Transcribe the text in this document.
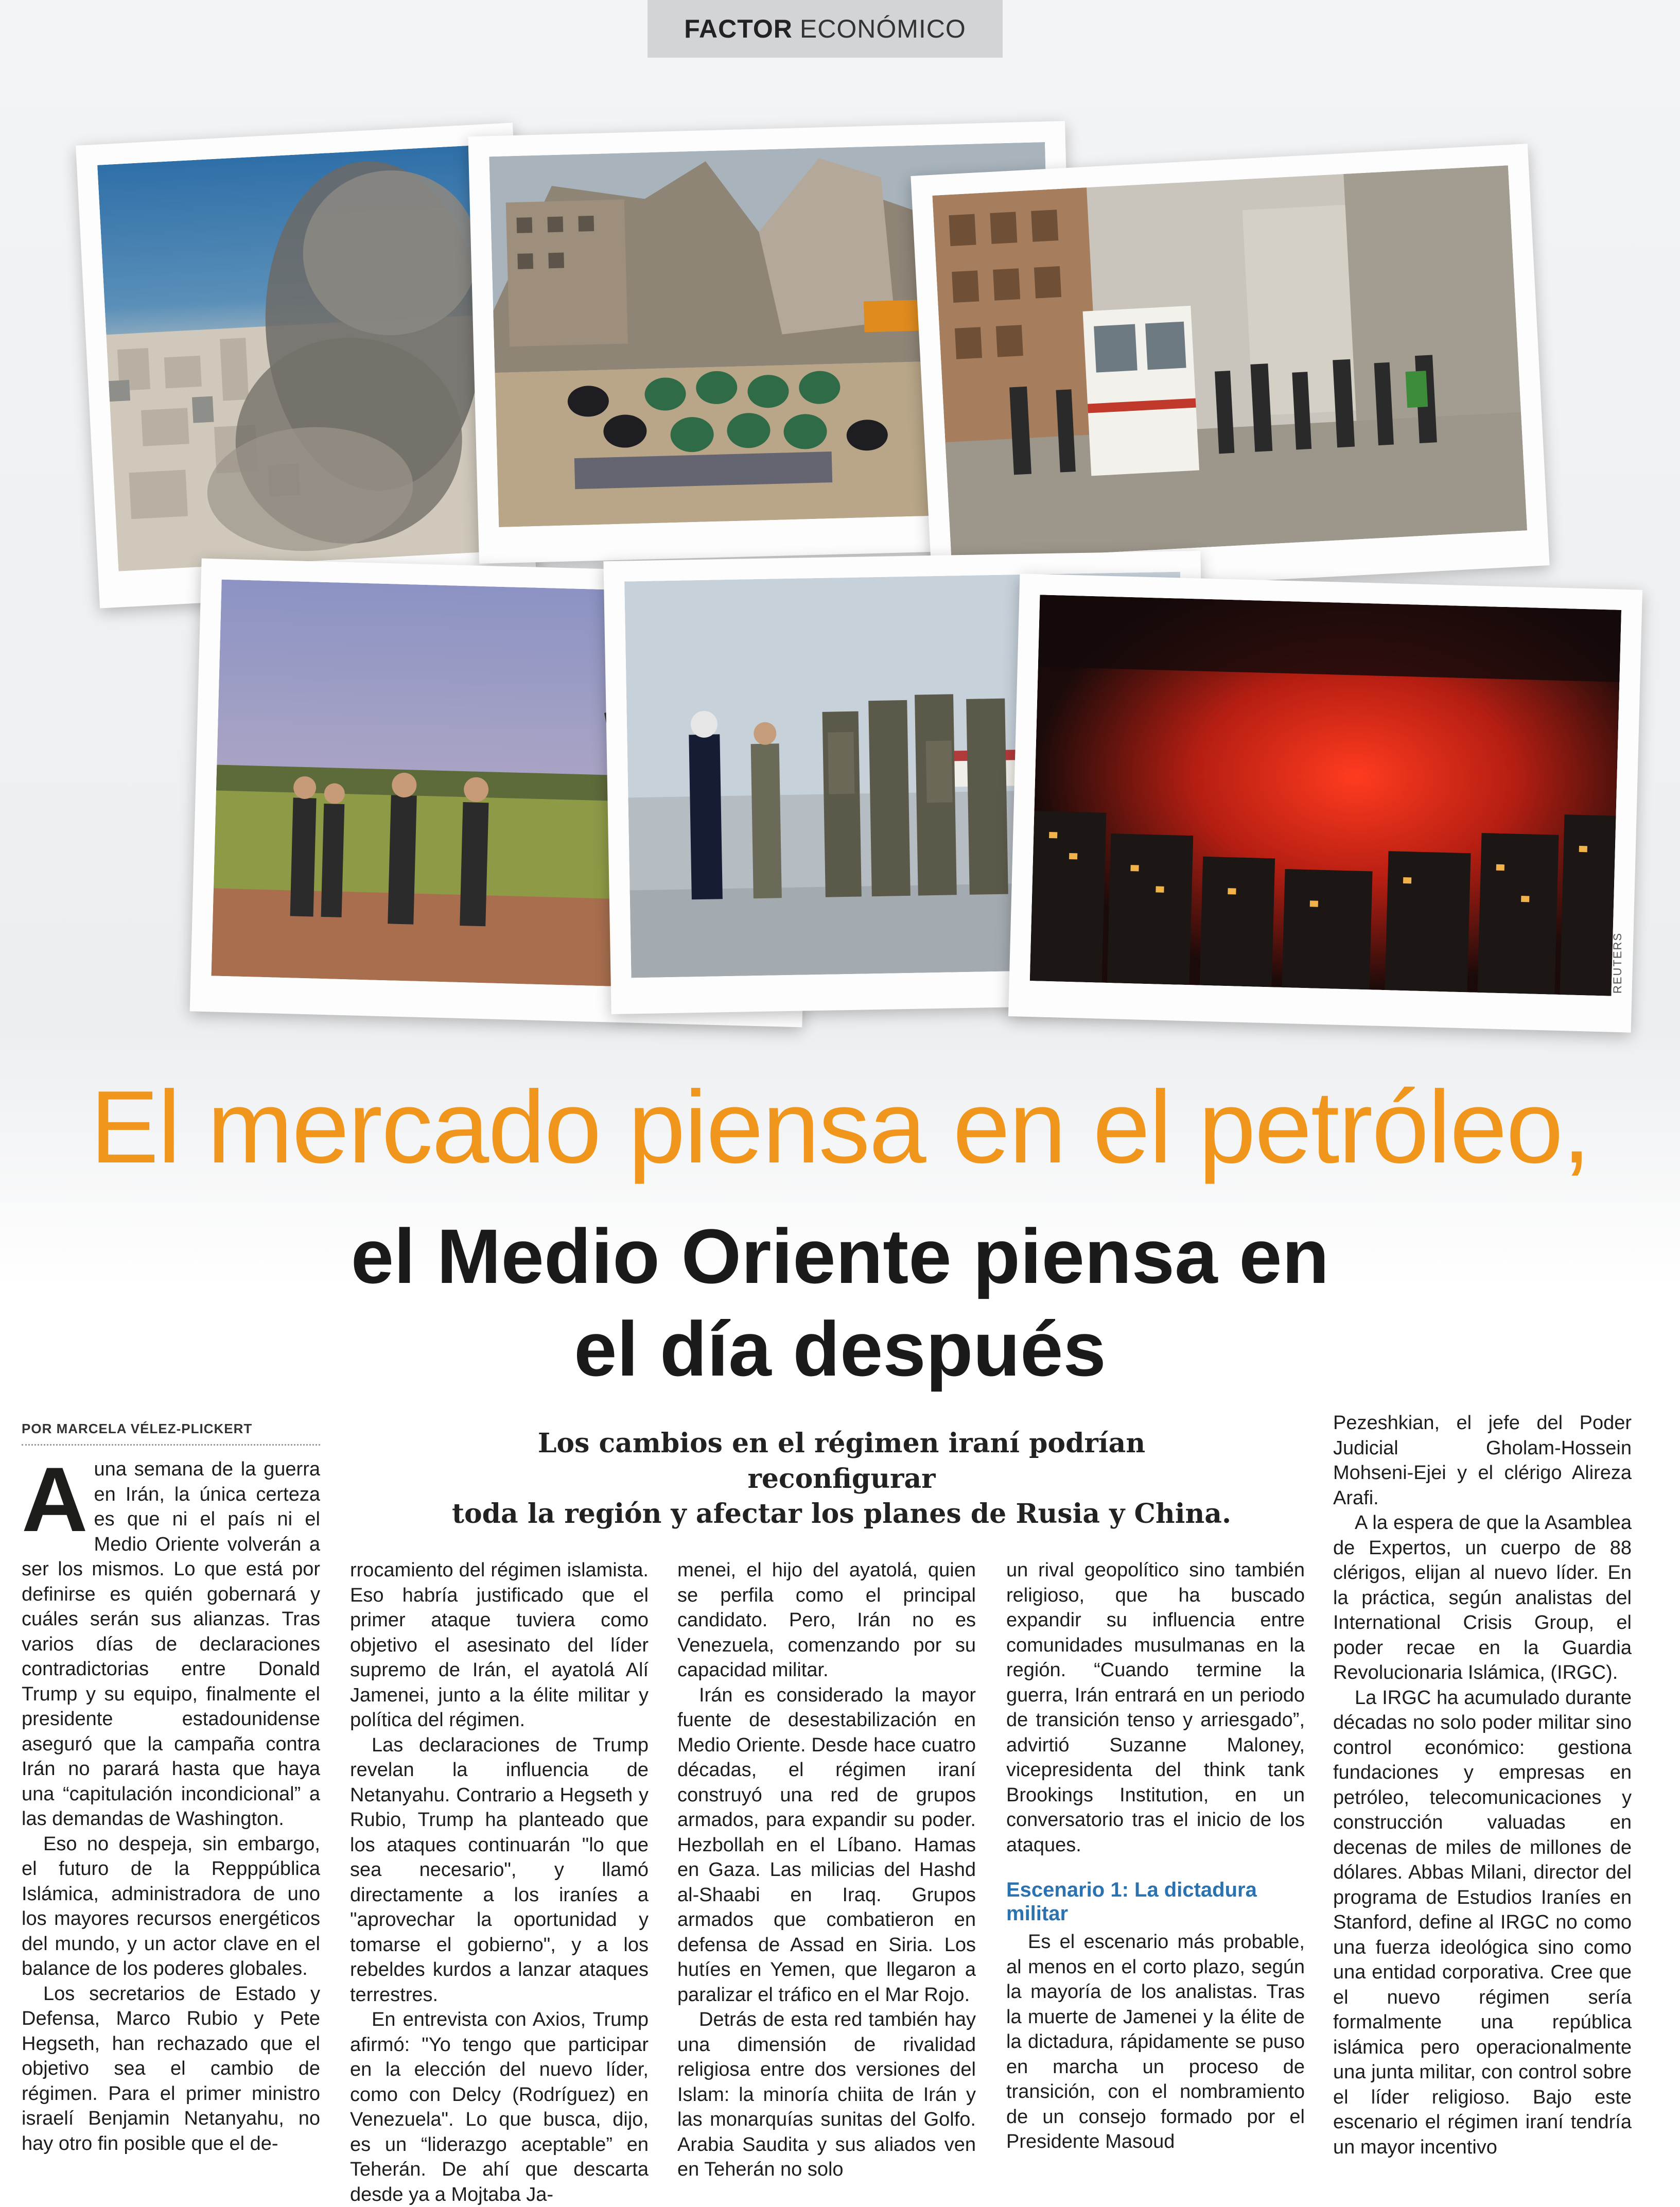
FACTOR ECONÓMICO
REUTERS
El mercado piensa en el petróleo,
el Medio Oriente piensa en
el día después
POR MARCELA VÉLEZ-PLICKERT	Los cambios en el régimen iraní podrían reconfigurar
toda la región y afectar los planes de Rusia y China.

Auna semana de la guerra en Irán, la única certeza es que ni el país ni el Medio Oriente volverán a ser los mismos. Lo que está por definirse es quién gobernará y cuáles serán sus alianzas. Tras varios días de declaraciones contradictorias entre Donald Trump y su equipo, finalmente el presidente estadounidense aseguró que la campaña contra Irán no parará hasta que haya una “capitulación incondicional” a las demandas de Washington.

Eso no despeja, sin embargo, el futuro de la Repppública Islámica, administradora de uno los mayores recursos energéticos del mundo, y un actor clave en el balance de los poderes globales.

Los secretarios de Estado y Defensa, Marco Rubio y Pete Hegseth, han rechazado que el objetivo sea el cambio de régimen. Para el primer ministro israelí Benjamin Netanyahu, no hay otro fin posible que el de-

rrocamiento del régimen islamista. Eso habría justificado que el primer ataque tuviera como objetivo el asesinato del líder supremo de Irán, el ayatolá Alí Jamenei, junto a la élite militar y política del régimen.

Las declaraciones de Trump revelan la influencia de Netanyahu. Contrario a Hegseth y Rubio, Trump ha planteado que los ataques continuarán "lo que sea necesario", y llamó directamente a los iraníes a "aprovechar la oportunidad y tomarse el gobierno", y a los rebeldes kurdos a lanzar ataques terrestres.

En entrevista con Axios, Trump afirmó: "Yo tengo que participar en la elección del nuevo líder, como con Delcy (Rodríguez) en Venezuela". Lo que busca, dijo, es un “liderazgo aceptable” en Teherán. De ahí que descarta desde ya a Mojtaba Ja-

menei, el hijo del ayatolá, quien se perfila como el principal candidato. Pero, Irán no es Venezuela, comenzando por su capacidad militar.

Irán es considerado la mayor fuente de desestabilización en Medio Oriente. Desde hace cuatro décadas, el régimen iraní construyó una red de grupos armados, para expandir su poder. Hezbollah en el Líbano. Hamas en Gaza. Las milicias del Hashd al-Shaabi en Iraq. Grupos armados que combatieron en defensa de Assad en Siria. Los hutíes en Yemen, que llegaron a paralizar el tráfico en el Mar Rojo.

Detrás de esta red también hay una dimensión de rivalidad religiosa entre dos versiones del Islam: la minoría chiita de Irán y las monarquías sunitas del Golfo. Arabia Saudita y sus aliados ven en Teherán no solo

un rival geopolítico sino también religioso, que ha buscado expandir su influencia entre comunidades musulmanas en la región. “Cuando termine la guerra, Irán entrará en un periodo de transición tenso y arriesgado”, advirtió Suzanne Maloney, vicepresidenta del think tank Brookings Institution, en un conversatorio tras el inicio de los ataques.

Escenario 1: La dictadura militar

Es el escenario más probable, al menos en el corto plazo, según la mayoría de los analistas. Tras la muerte de Jamenei y la élite de la dictadura, rápidamente se puso en marcha un proceso de transición, con el nombramiento de un consejo formado por el Presidente Masoud

Pezeshkian, el jefe del Poder Judicial Gholam-Hossein Mohseni-Ejei y el clérigo Alireza Arafi.

A la espera de que la Asamblea de Expertos, un cuerpo de 88 clérigos, elijan al nuevo líder. En la práctica, según analistas del International Crisis Group, el poder recae en la Guardia Revolucionaria Islámica, (IRGC).

La IRGC ha acumulado durante décadas no solo poder militar sino control económico: gestiona fundaciones y empresas en petróleo, telecomunicaciones y construcción valuadas en decenas de miles de millones de dólares. Abbas Milani, director del programa de Estudios Iraníes en Stanford, define al IRGC no como una fuerza ideológica sino como una entidad corporativa. Cree que el nuevo régimen sería formalmente una república islámica pero operacionalmente una junta militar, con control sobre el líder religioso. Bajo este escenario el régimen iraní tendría un mayor incentivo
